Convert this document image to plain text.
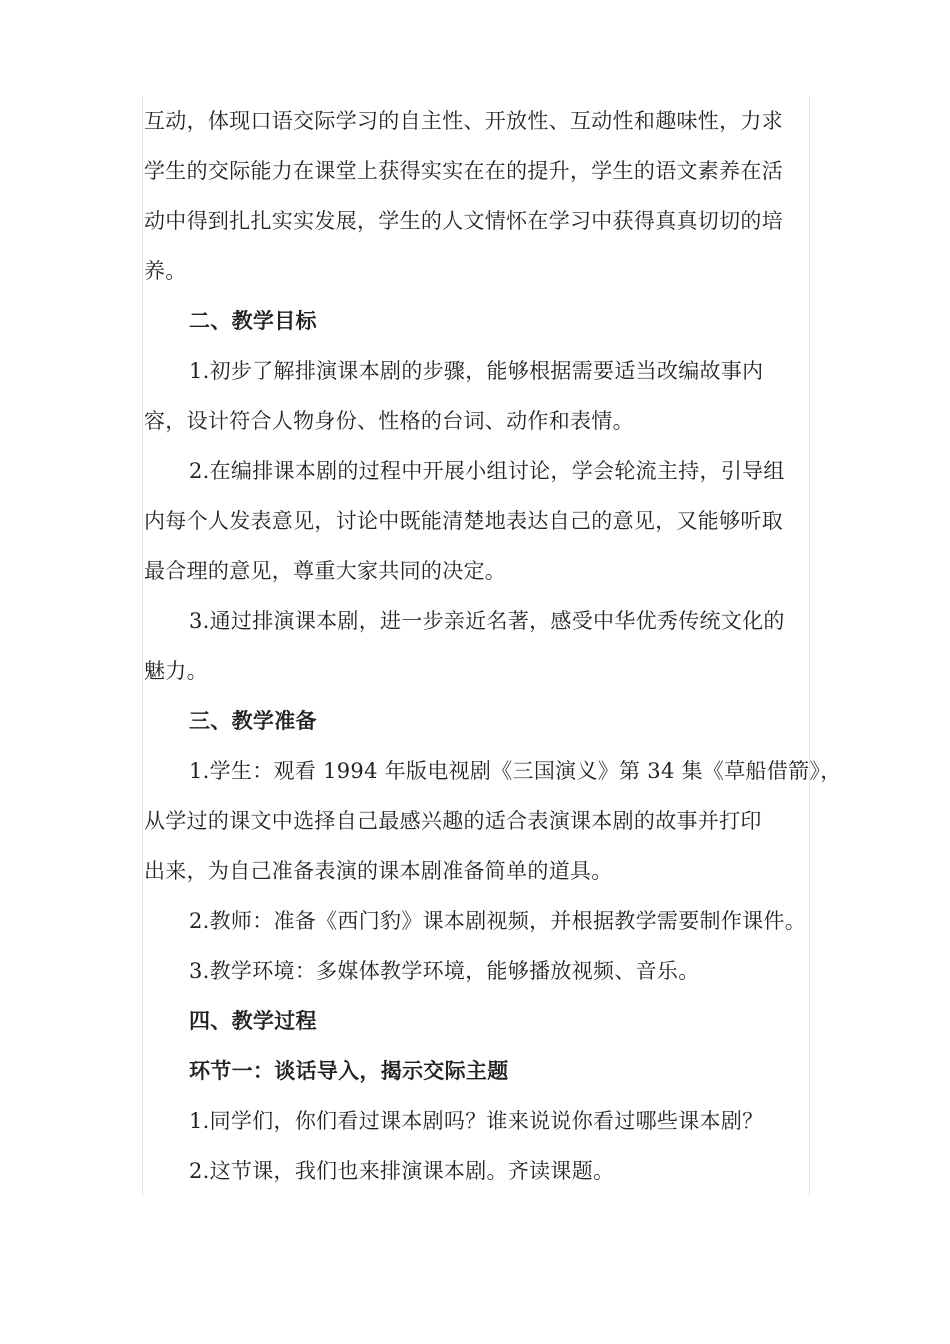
互动，体现口语交际学习的自主性、开放性、互动性和趣味性，力求
学生的交际能力在课堂上获得实实在在的提升，学生的语文素养在活
动中得到扎扎实实发展，学生的人文情怀在学习中获得真真切切的培
养。
二、教学目标
1.初步了解排演课本剧的步骤，能够根据需要适当改编故事内
容，设计符合人物身份、性格的台词、动作和表情。
2.在编排课本剧的过程中开展小组讨论，学会轮流主持，引导组
内每个人发表意见，讨论中既能清楚地表达自己的意见，又能够听取
最合理的意见，尊重大家共同的决定。
3.通过排演课本剧，进一步亲近名著，感受中华优秀传统文化的
魅力。
三、教学准备
1.学生：观看 1994 年版电视剧《三国演义》第 34 集《草船借箭》，
从学过的课文中选择自己最感兴趣的适合表演课本剧的故事并打印
出来，为自己准备表演的课本剧准备简单的道具。
2.教师：准备《西门豹》课本剧视频，并根据教学需要制作课件。
3.教学环境：多媒体教学环境，能够播放视频、音乐。
四、教学过程
环节一：谈话导入，揭示交际主题
1.同学们，你们看过课本剧吗？谁来说说你看过哪些课本剧？
2.这节课，我们也来排演课本剧。齐读课题。
